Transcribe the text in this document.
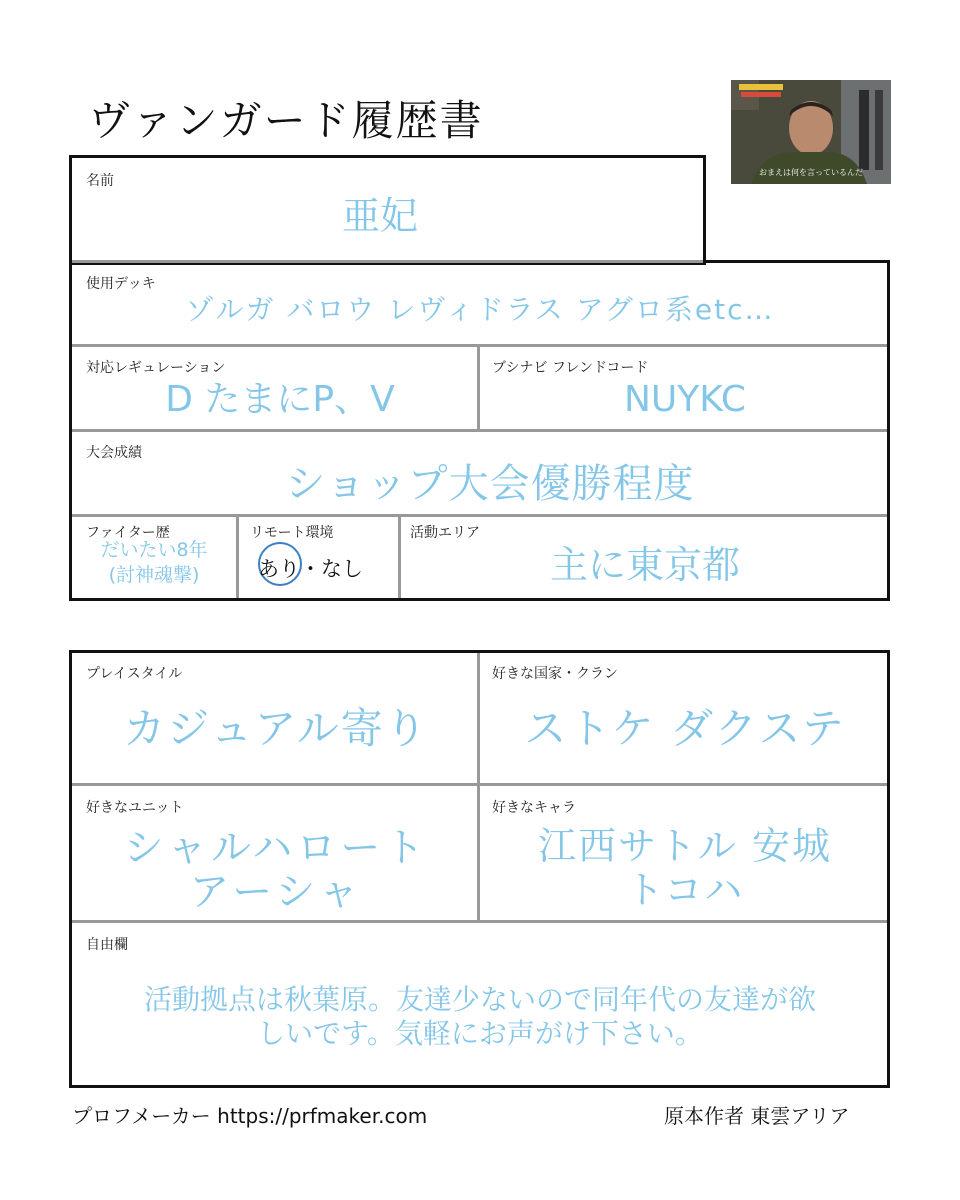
ヴァンガード履歴書
おまえは何を言っているんだ
名前
亜妃
使用デッキ
ゾルガ バロウ レヴィドラス アグロ系etc…
対応レギュレーション
D たまにP、V
ブシナビ フレンドコード
NUYKC
大会成績
ショップ大会優勝程度
ファイター歴
だいたい8年
(討神魂撃)
リモート環境
あり・なし
活動エリア
主に東京都
プレイスタイル
カジュアル寄り
好きな国家・クラン
ストケ ダクステ
好きなユニット
シャルハロート
アーシャ
好きなキャラ
江西サトル 安城
トコハ
自由欄
活動拠点は秋葉原。友達少ないので同年代の友達が欲
しいです。気軽にお声がけ下さい。
プロフメーカー https://prfmaker.com	原本作者 東雲アリア
